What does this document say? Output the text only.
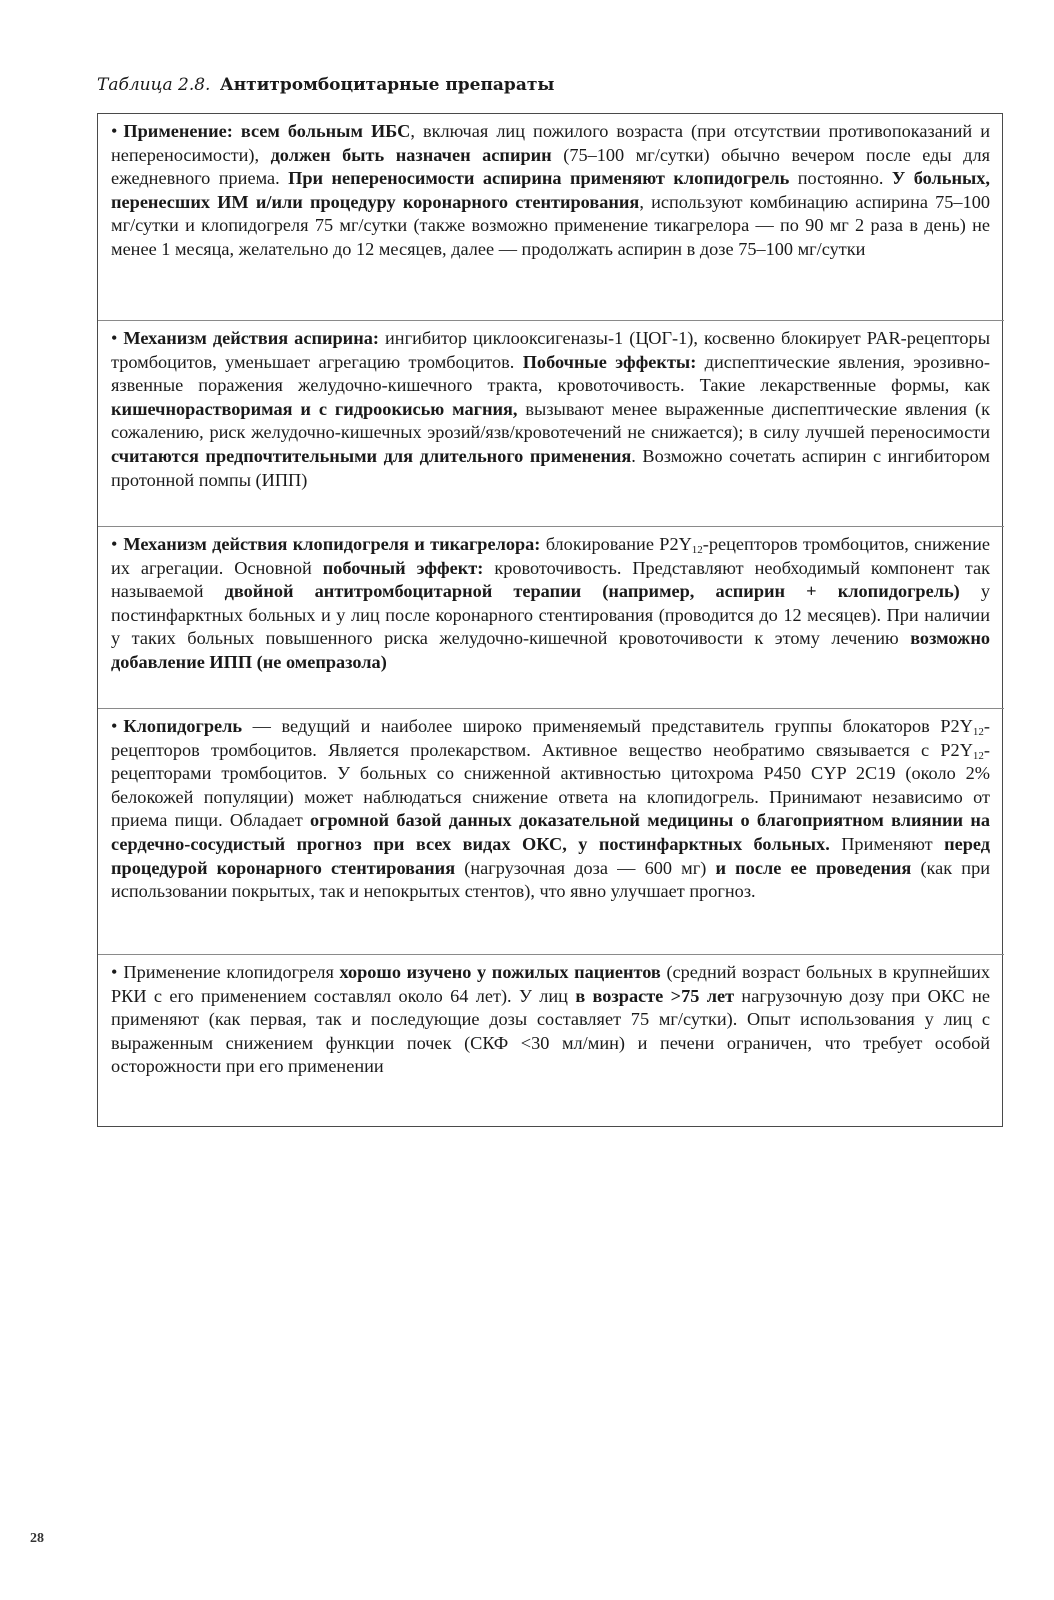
Таблица 2.8. Антитромбоцитарные препараты
• Применение: всем больным ИБС, включая лиц пожилого возраста (при отсутствии противопоказаний и непереносимости), должен быть назначен аспирин (75–100 мг/сутки) обычно вечером после еды для ежедневного приема. При непереносимости аспирина применяют клопидогрель постоянно. У больных, перенесших ИМ и/или процедуру коронарного стентирования, используют комбинацию аспирина 75–100 мг/сутки и клопидогреля 75 мг/сутки (также возможно применение тикагрелора — по 90 мг 2 раза в день) не менее 1 месяца, желательно до 12 месяцев, далее — продолжать аспирин в дозе 75–100 мг/сутки
• Механизм действия аспирина: ингибитор циклооксигеназы-1 (ЦОГ-1), косвенно блокирует PAR-рецепторы тромбоцитов, уменьшает агрегацию тромбоцитов. Побочные эффекты: диспептические явления, эрозивно-язвенные поражения желудочно-кишечного тракта, кровоточивость. Такие лекарственные формы, как кишечнорастворимая и с гидроокисью магния, вызывают менее выраженные диспептические явления (к сожалению, риск желудочно-кишечных эрозий/язв/кровотечений не снижается); в силу лучшей переносимости считаются предпочтительными для длительного применения. Возможно сочетать аспирин с ингибитором протонной помпы (ИПП)
• Механизм действия клопидогреля и тикагрелора: блокирование $P2Y_{12}$-рецепторов тромбоцитов, снижение их агрегации. Основной побочный эффект: кровоточивость. Представляют необходимый компонент так называемой двойной антитромбоцитарной терапии (например, аспирин + клопидогрель) у постинфарктных больных и у лиц после коронарного стентирования (проводится до 12 месяцев). При наличии у таких больных повышенного риска желудочно-кишечной кровоточивости к этому лечению возможно добавление ИПП (не омепразола)
• Клопидогрель — ведущий и наиболее широко применяемый представитель группы блокаторов $P2Y_{12}$-рецепторов тромбоцитов. Является пролекарством. Активное вещество необратимо связывается с $P2Y_{12}$-рецепторами тромбоцитов. У больных со сниженной активностью цитохрома P450 CYP 2C19 (около 2% белокожей популяции) может наблюдаться снижение ответа на клопидогрель. Принимают независимо от приема пищи. Обладает огромной базой данных доказательной медицины о благоприятном влиянии на сердечно-сосудистый прогноз при всех видах ОКС, у постинфарктных больных. Применяют перед процедурой коронарного стентирования (нагрузочная доза — 600 мг) и после ее проведения (как при использовании покрытых, так и непокрытых стентов), что явно улучшает прогноз.
• Применение клопидогреля хорошо изучено у пожилых пациентов (средний возраст больных в крупнейших РКИ с его применением составлял около 64 лет). У лиц в возрасте >75 лет нагрузочную дозу при ОКС не применяют (как первая, так и последующие дозы составляет 75 мг/сутки). Опыт использования у лиц с выраженным снижением функции почек (СКФ <30 мл/мин) и печени ограничен, что требует особой осторожности при его применении
28
